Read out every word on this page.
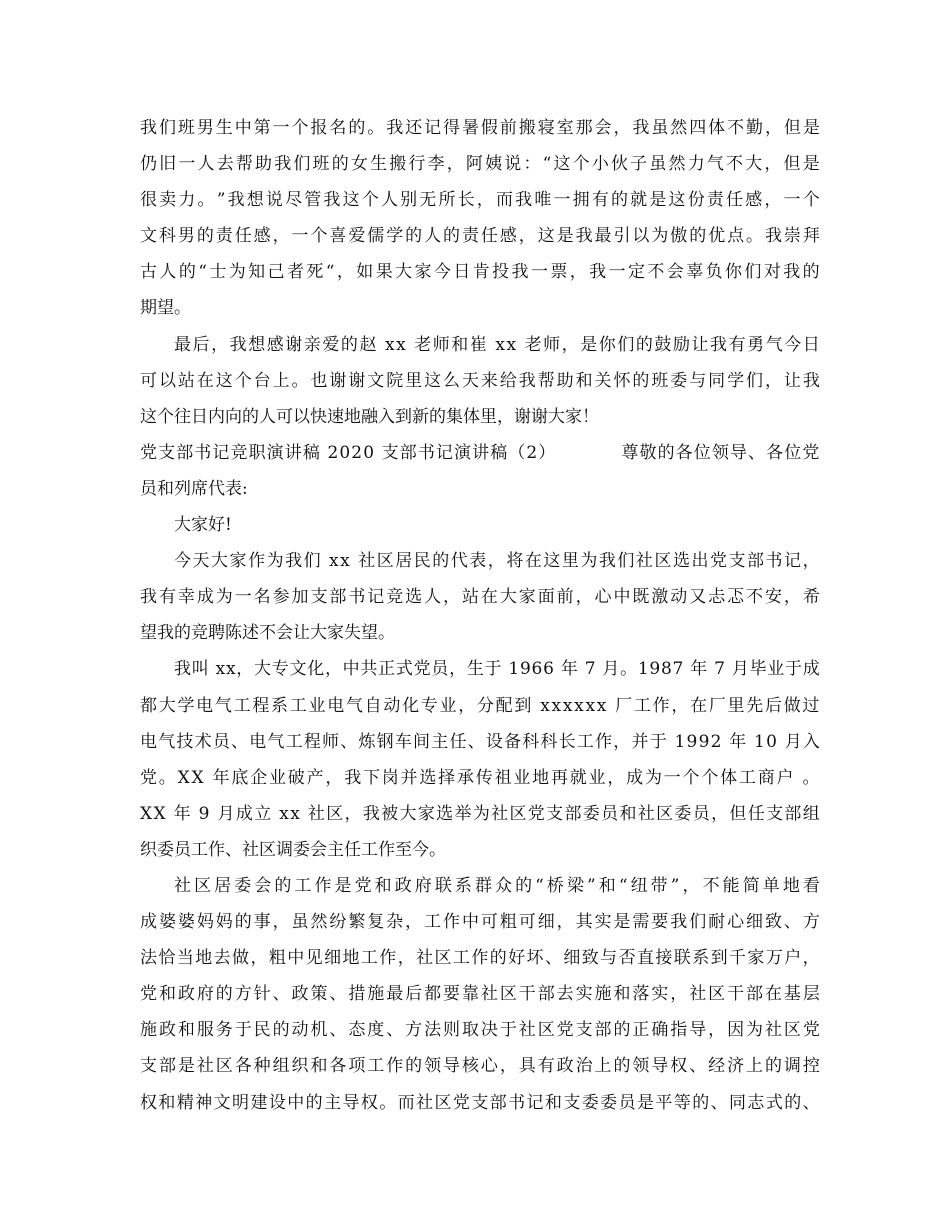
我 们 班 男 生 中 第 一 个 报 名 的 。 我 还 记 得 暑 假 前 搬 寝 室 那 会 ， 我 虽 然 四 体 不 勤 ， 但 是
仍 旧 一 人 去 帮 助 我 们 班 的 女 生 搬 行 李 ， 阿 姨 说 ： “ 这 个 小 伙 子 虽 然 力 气 不 大 ， 但 是
很 卖 力 。 ” 我 想 说 尽 管 我 这 个 人 别 无 所 长 ， 而 我 唯 一 拥 有 的 就 是 这 份 责 任 感 ， 一 个
文 科 男 的 责 任 感 ， 一 个 喜 爱 儒 学 的 人 的 责 任 感 ， 这 是 我 最 引 以 为 傲 的 优 点 。 我 崇 拜
古 人 的 “ 士 为 知 己 者 死 “ ， 如 果 大 家 今 日 肯 投 我 一 票 ， 我 一 定 不 会 辜 负 你 们 对 我 的
期望。
最 后 ， 我 想 感 谢 亲 爱 的 赵
x x
老 师 和 崔
x x
老 师 ， 是 你 们 的 鼓 励 让 我 有 勇 气 今 日
可 以 站 在 这 个 台 上 。 也 谢 谢 文 院 里 这 么 天 来 给 我 帮 助 和 关 怀 的 班 委 与 同 学 们 ， 让 我
这个往日内向的人可以快速地融入到新的集体里，谢谢大家！
党 支 部 书 记 竞 职 演 讲 稿
2 0 2 0
支 部 书 记 演 讲 稿 （ 2 ）

	尊 敬 的 各 位 领 导 、 各 位 党
员和列席代表:
大家好!
今 天 大 家 作 为 我 们
x x
社 区 居 民 的 代 表 ， 将 在 这 里 为 我 们 社 区 选 出 党 支 部 书 记 ，
我 有 幸 成 为 一 名 参 加 支 部 书 记 竞 选 人 ， 站 在 大 家 面 前 ， 心 中 既 激 动 又 忐 忑 不 安 ， 希
望我的竞聘陈述不会让大家失望。
我 叫
x x ， 大 专 文 化 ， 中 共 正 式 党 员 ， 生 于
1 9 6 6
年
7
月 。 1 9 8 7
年
7
月 毕 业 于 成
都 大 学 电 气 工 程 系 工 业 电 气 自 动 化 专 业 ， 分 配 到
x x x x x x
厂 工 作 ， 在 厂 里 先 后 做 过
电 气 技 术 员 、 电 气 工 程 师 、 炼 钢 车 间 主 任 、 设 备 科 科 长 工 作 ， 并 于
1 9 9 2
年
1 0
月 入
党 。 X X
年 底 企 业 破 产 ， 我 下 岗 并 选 择 承 传 祖 业 地 再 就 业 ， 成 为 一 个 个 体 工 商 户
。
X X
年
9
月 成 立
x x
社 区 ， 我 被 大 家 选 举 为 社 区 党 支 部 委 员 和 社 区 委 员 ， 但 任 支 部 组
织委员工作、社区调委会主任工作至今。
社 区 居 委 会 的 工 作 是 党 和 政 府 联 系 群 众 的 “ 桥 梁 ” 和 “ 纽 带 ” ， 不 能 简 单 地 看
成 婆 婆 妈 妈 的 事 ， 虽 然 纷 繁 复 杂 ， 工 作 中 可 粗 可 细 ， 其 实 是 需 要 我 们 耐 心 细 致 、 方
法 恰 当 地 去 做 ， 粗 中 见 细 地 工 作 ， 社 区 工 作 的 好 坏 、 细 致 与 否 直 接 联 系 到 千 家 万 户 ，
党 和 政 府 的 方 针 、 政 策 、 措 施 最 后 都 要 靠 社 区 干 部 去 实 施 和 落 实 ， 社 区 干 部 在 基 层
施 政 和 服 务 于 民 的 动 机 、 态 度 、 方 法 则 取 决 于 社 区 党 支 部 的 正 确 指 导 ， 因 为 社 区 党
支 部 是 社 区 各 种 组 织 和 各 项 工 作 的 领 导 核 心 ， 具 有 政 治 上 的 领 导 权 、 经 济 上 的 调 控
权 和 精 神 文 明 建 设 中 的 主 导 权 。 而 社 区 党 支 部 书 记 和 支 委 委 员 是 平 等 的 、 同 志 式 的 、
